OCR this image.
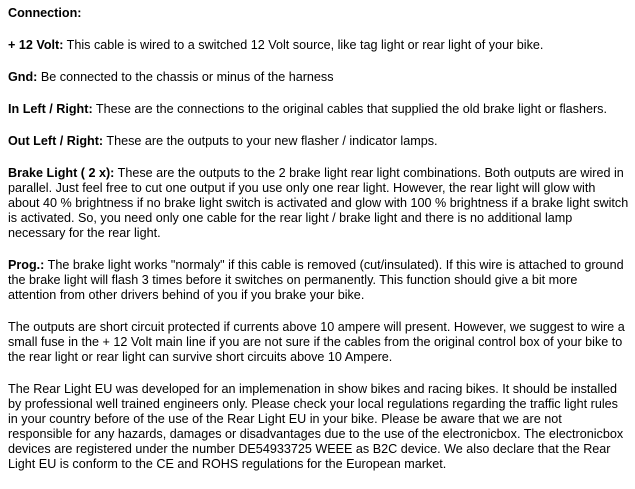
Connection:

+ 12 Volt: This cable is wired to a switched 12 Volt source, like tag light or rear light of your bike.

Gnd: Be connected to the chassis or minus of the harness

In Left / Right: These are the connections to the original cables that supplied the old brake light or flashers.

Out Left / Right: These are the outputs to your new flasher / indicator lamps.

Brake Light ( 2 x): These are the outputs to the 2 brake light rear light combinations. Both outputs are wired in parallel. Just feel free to cut one output if you use only one rear light. However, the rear light will glow with about 40 % brightness if no brake light switch is activated and glow with 100 % brightness if a brake light switch is activated. So, you need only one cable for the rear light / brake light and there is no additional lamp necessary for the rear light.

Prog.: The brake light works "normaly" if this cable is removed (cut/insulated). If this wire is attached to ground the brake light will flash 3 times before it switches on permanently. This function should give a bit more attention from other drivers behind of you if you brake your bike.

The outputs are short circuit protected if currents above 10 ampere will present. However, we suggest to wire a small fuse in the + 12 Volt main line if you are not sure if the cables from the original control box of your bike to the rear light or rear light can survive short circuits above 10 Ampere.

The Rear Light EU was developed for an implemenation in show bikes and racing bikes. It should be installed by professional well trained engineers only. Please check your local regulations regarding the traffic light rules in your country before of the use of the Rear Light EU in your bike. Please be aware that we are not responsible for any hazards, damages or disadvantages due to the use of the electronicbox. The electronicbox devices are registered under the number DE54933725 WEEE as B2C device. We also declare that the Rear Light EU is conform to the CE and ROHS regulations for the European market.
